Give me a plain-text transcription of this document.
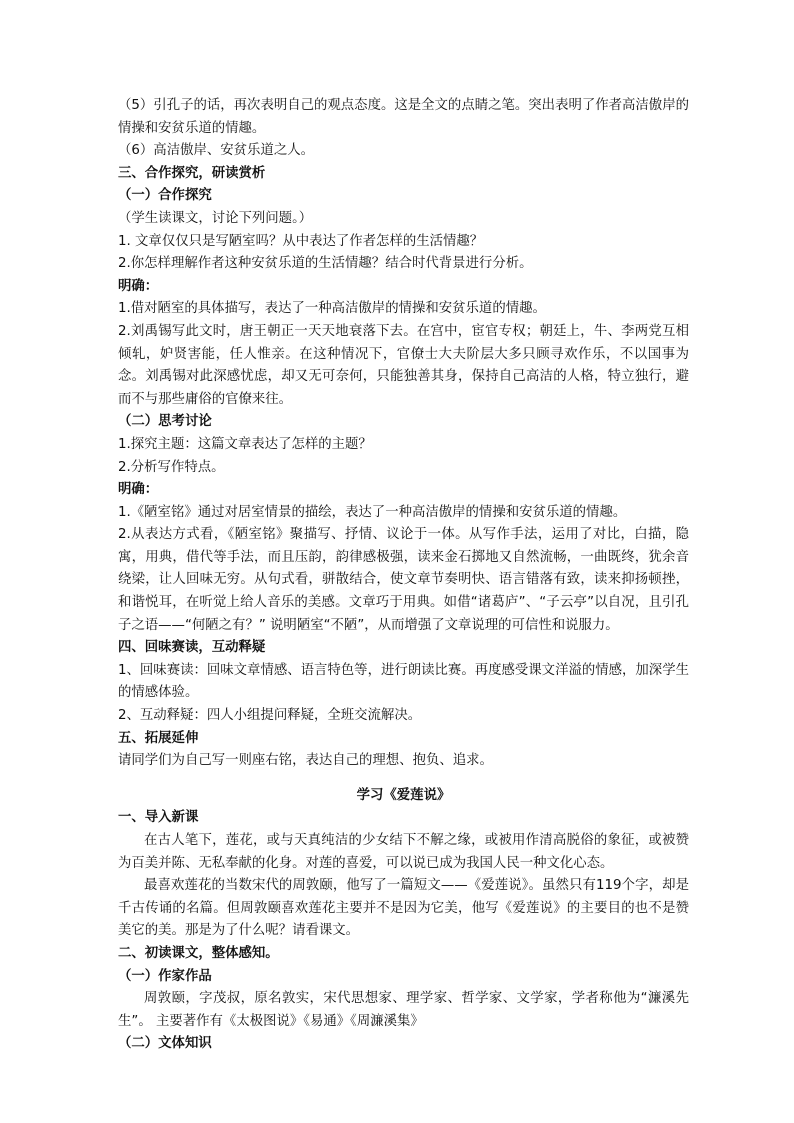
（5）引孔子的话，再次表明自己的观点态度。这是全文的点睛之笔。突出表明了作者高洁傲岸的情操和安贫乐道的情趣。

（6）高洁傲岸、安贫乐道之人。

三、合作探究，研读赏析

（一）合作探究

（学生读课文，讨论下列问题。）

1. 文章仅仅只是写陋室吗？从中表达了作者怎样的生活情趣？

2.你怎样理解作者这种安贫乐道的生活情趣？结合时代背景进行分析。

明确：

1.借对陋室的具体描写，表达了一种高洁傲岸的情操和安贫乐道的情趣。

2.刘禹锡写此文时，唐王朝正一天天地衰落下去。在宫中，宦官专权；朝廷上，牛、李两党互相倾轧，妒贤害能，任人惟亲。在这种情况下，官僚士大夫阶层大多只顾寻欢作乐，不以国事为念。刘禹锡对此深感忧虑，却又无可奈何，只能独善其身，保持自己高洁的人格，特立独行，避而不与那些庸俗的官僚来往。

（二）思考讨论

1.探究主题：这篇文章表达了怎样的主题？

2.分析写作特点。

明确：

1.《陋室铭》通过对居室情景的描绘，表达了一种高洁傲岸的情操和安贫乐道的情趣。

2.从表达方式看，《陋室铭》聚描写、抒情、议论于一体。从写作手法，运用了对比，白描，隐寓，用典，借代等手法，而且压韵，韵律感极强，读来金石掷地又自然流畅，一曲既终，犹余音绕梁，让人回味无穷。从句式看，骈散结合，使文章节奏明快、语言错落有致，读来抑扬顿挫，和谐悦耳，在听觉上给人音乐的美感。文章巧于用典。如借“诸葛庐”、“子云亭”以自况，且引孔子之语——“何陋之有？” 说明陋室“不陋”，从而增强了文章说理的可信性和说服力。

四、回味赛读，互动释疑

1、回味赛读：回味文章情感、语言特色等，进行朗读比赛。再度感受课文洋溢的情感，加深学生的情感体验。

2、互动释疑：四人小组提问释疑，全班交流解决。

五、拓展延伸

请同学们为自己写一则座右铭，表达自己的理想、抱负、追求。

学习《爱莲说》

一、导入新课

在古人笔下，莲花，或与天真纯洁的少女结下不解之缘，或被用作清高脱俗的象征，或被赞为百美并陈、无私奉献的化身。对莲的喜爱，可以说已成为我国人民一种文化心态。

最喜欢莲花的当数宋代的周敦颐，他写了一篇短文——《爱莲说》。虽然只有119个字，却是千古传诵的名篇。但周敦颐喜欢莲花主要并不是因为它美，他写《爱莲说》的主要目的也不是赞美它的美。那是为了什么呢？请看课文。

二、初读课文，整体感知。

（一）作家作品

周敦颐，字茂叔，原名敦实，宋代思想家、理学家、哲学家、文学家，学者称他为“濂溪先生”。 主要著作有《太极图说》《易通》《周濂溪集》

（二）文体知识
